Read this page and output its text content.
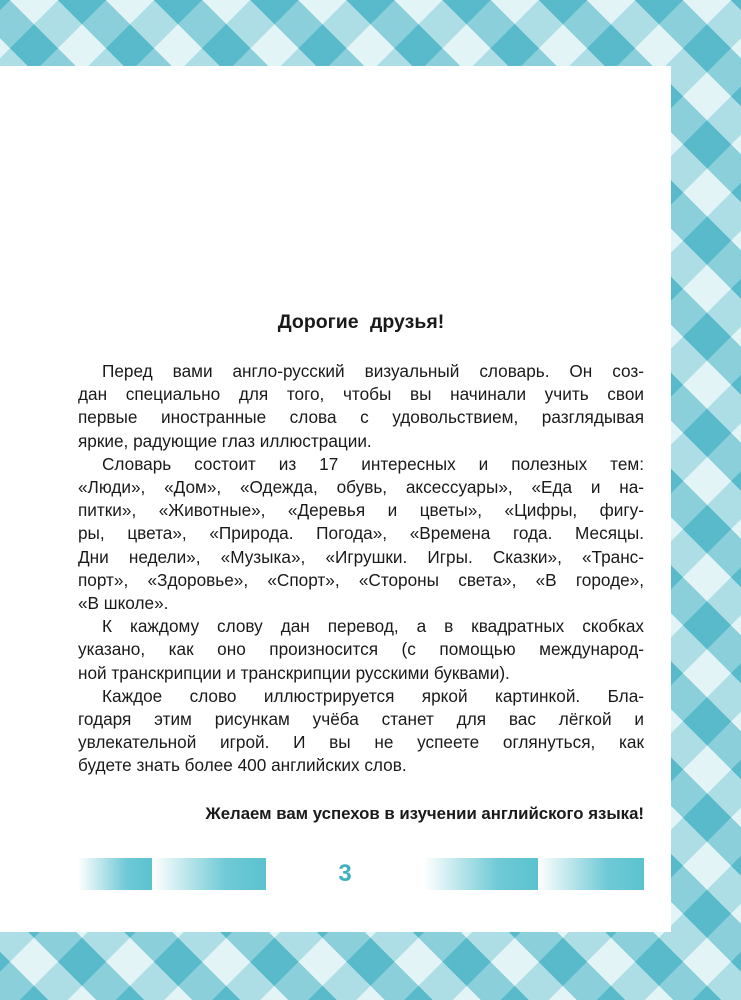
Дорогие друзья!

Перед вами англо-русский визуальный словарь. Он соз-

дан специально для того, чтобы вы начинали учить свои

первые иностранные слова с удовольствием, разглядывая

яркие, радующие глаз иллюстрации.

Словарь состоит из 17 интересных и полезных тем:

«Люди», «Дом», «Одежда, обувь, аксессуары», «Еда и на-

питки», «Животные», «Деревья и цветы», «Цифры, фигу-

ры, цвета», «Природа. Погода», «Времена года. Месяцы.

Дни недели», «Музыка», «Игрушки. Игры. Сказки», «Транс-

порт», «Здоровье», «Спорт», «Стороны света», «В городе»,

«В школе».

К каждому слову дан перевод, а в квадратных скобках

указано, как оно произносится (с помощью международ-

ной транскрипции и транскрипции русскими буквами).

Каждое слово иллюстрируется яркой картинкой. Бла-

годаря этим рисункам учёба станет для вас лёгкой и

увлекательной игрой. И вы не успеете оглянуться, как

будете знать более 400 английских слов.

Желаем вам успехов в изучении английского языка!
3
